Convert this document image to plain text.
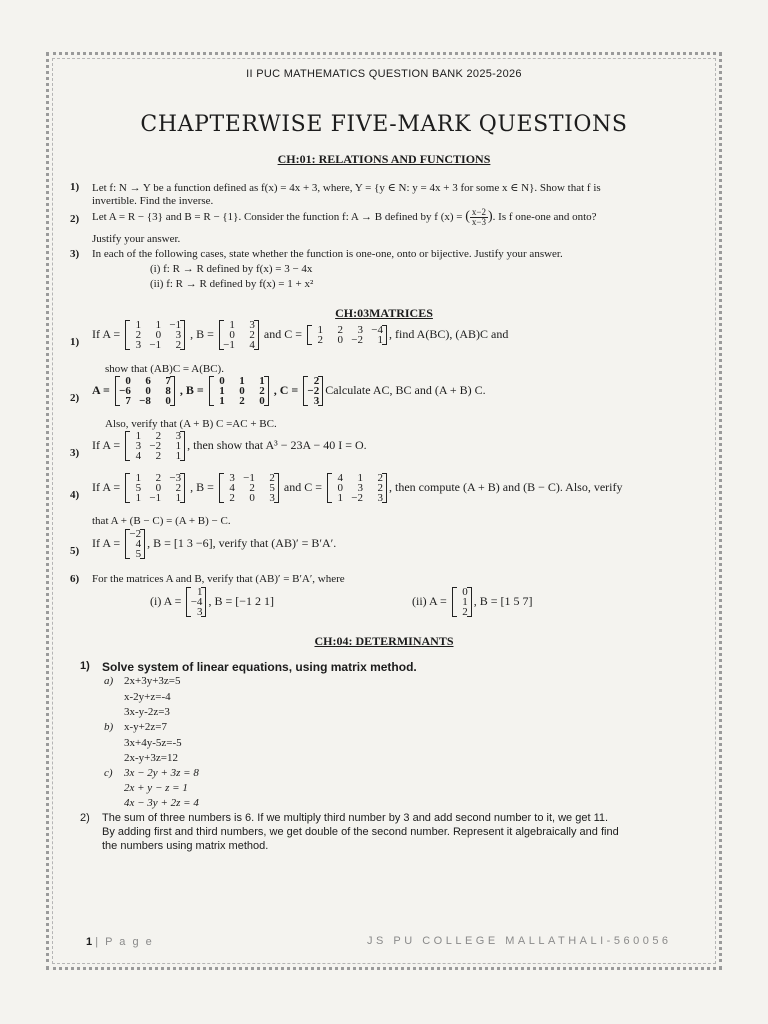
II PUC MATHEMATICS QUESTION BANK 2025-2026
CHAPTERWISE FIVE-MARK QUESTIONS
CH:01: RELATIONS AND FUNCTIONS
1) Let f: N → Y be a function defined as f(x) = 4x + 3, where, Y = {y ∈ N: y = 4x + 3 for some x ∈ N}. Show that f is
invertible. Find the inverse.
2) Let A = R − {3} and B = R − {1}. Consider the function f: A → B defined by f (x) = ( $\frac{x-2}{x-3}$). Is f one-one and onto?
Justify your answer.
3) In each of the following cases, state whether the function is one-one, onto or bijective. Justify your answer.
(i) f: R → R defined by f(x) = 3 − 4x
(ii) f: R → R defined by f(x) = 1 + x²
CH:03MATRICES
1)
If A =
1	1 −1
2	0	3
3 −1	2
, B =
1	3
0	2
−1	4
and C =	1	2	3 −4
2	0 −2	1 , find A(BC), (AB)C and
show that (AB)C = A(BC).
2)
A =
0	6	7
−6	0	8
7 −8	0
, B =
0	1	1
1	0	2
1	2	0
, C =
2
−2
3
Calculate AC, BC and (A + B) C.
Also, verify that (A + B) C =AC + BC.
3)
If A =
1	2	3
3 −2	1
4	2	1
, then show that A³ − 23A − 40 I = O.
4)
If A =
1	2 −3
5	0	2
1 −1	1
, B =
3 −1	2
4	2	5
2	0	3
and C =
4	1	2
0	3	2
1 −2	3
, then compute (A + B) and (B − C). Also, verify
that A + (B − C) = (A + B) − C.
5)
If A =
−2
4
5
, B = [1 3 −6], verify that (AB)′ = B′A′.
6) For the matrices A and B, verify that (AB)′ = B′A′, where
(i) A =
1
−4
3
, B = [−1 2 1]	(ii) A =
0
1
2
, B = [1 5 7]
CH:04: DETERMINANTS
1) Solve system of linear equations, using matrix method.
a) 2x+3y+3z=5
x-2y+z=-4
3x-y-2z=3
b) x-y+2z=7
3x+4y-5z=-5
2x-y+3z=12
c) 3x − 2y + 3z = 8
2x + y − z = 1
4x − 3y + 2z = 4
2) The sum of three numbers is 6. If we multiply third number by 3 and add second number to it, we get 11.
By adding first and third numbers, we get double of the second number. Represent it algebraically and find
the numbers using matrix method.
1 | P a g e	JS PU COLLEGE MALLATHALI-560056
